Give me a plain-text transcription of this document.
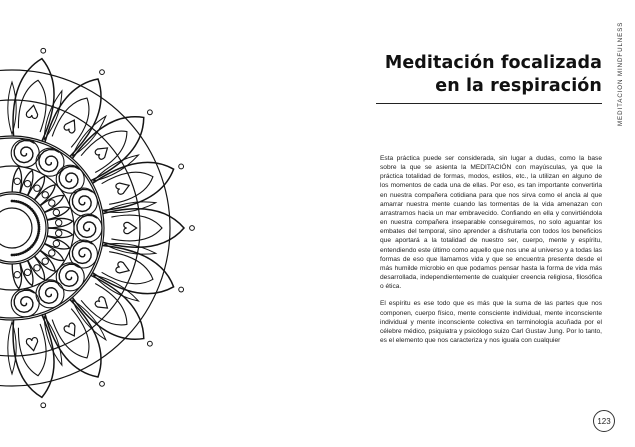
MEDITACIÓN MINDFULNESS
Meditación focalizada
en la respiración

Esta práctica puede ser considerada, sin lugar a dudas, como la base sobre la que se asienta la MEDITACIÓN con mayúsculas, ya que la práctica totalidad de formas, modos, estilos, etc., la utilizan en alguno de los momentos de cada una de ellas. Por eso, es tan importante convertirla en nuestra compañera cotidiana para que nos sirva como el ancla al que amarrar nuestra mente cuando las tormentas de la vida amenazan con arrastrarnos hacia un mar embravecido. Confiando en ella y convirtiéndola en nuestra compañera inseparable conseguiremos, no solo aguantar los embates del temporal, sino aprender a disfrutarla con todos los beneficios que aportará a la totalidad de nuestro ser, cuerpo, mente y espíritu, entendiendo este último como aquello que nos une al universo y a todas las formas de eso que llamamos vida y que se encuentra presente desde el más humilde microbio en que podamos pensar hasta la forma de vida más desarrollada, independientemente de cualquier creencia religiosa, filosófica o ética.

El espíritu es ese todo que es más que la suma de las partes que nos componen, cuerpo físico, mente consciente individual, mente inconsciente individual y mente inconsciente colectiva en terminología acuñada por el célebre médico, psiquiatra y psicólogo suizo Carl Gustav Jung. Por lo tanto, es el elemento que nos caracteriza y nos iguala con cualquier

123
